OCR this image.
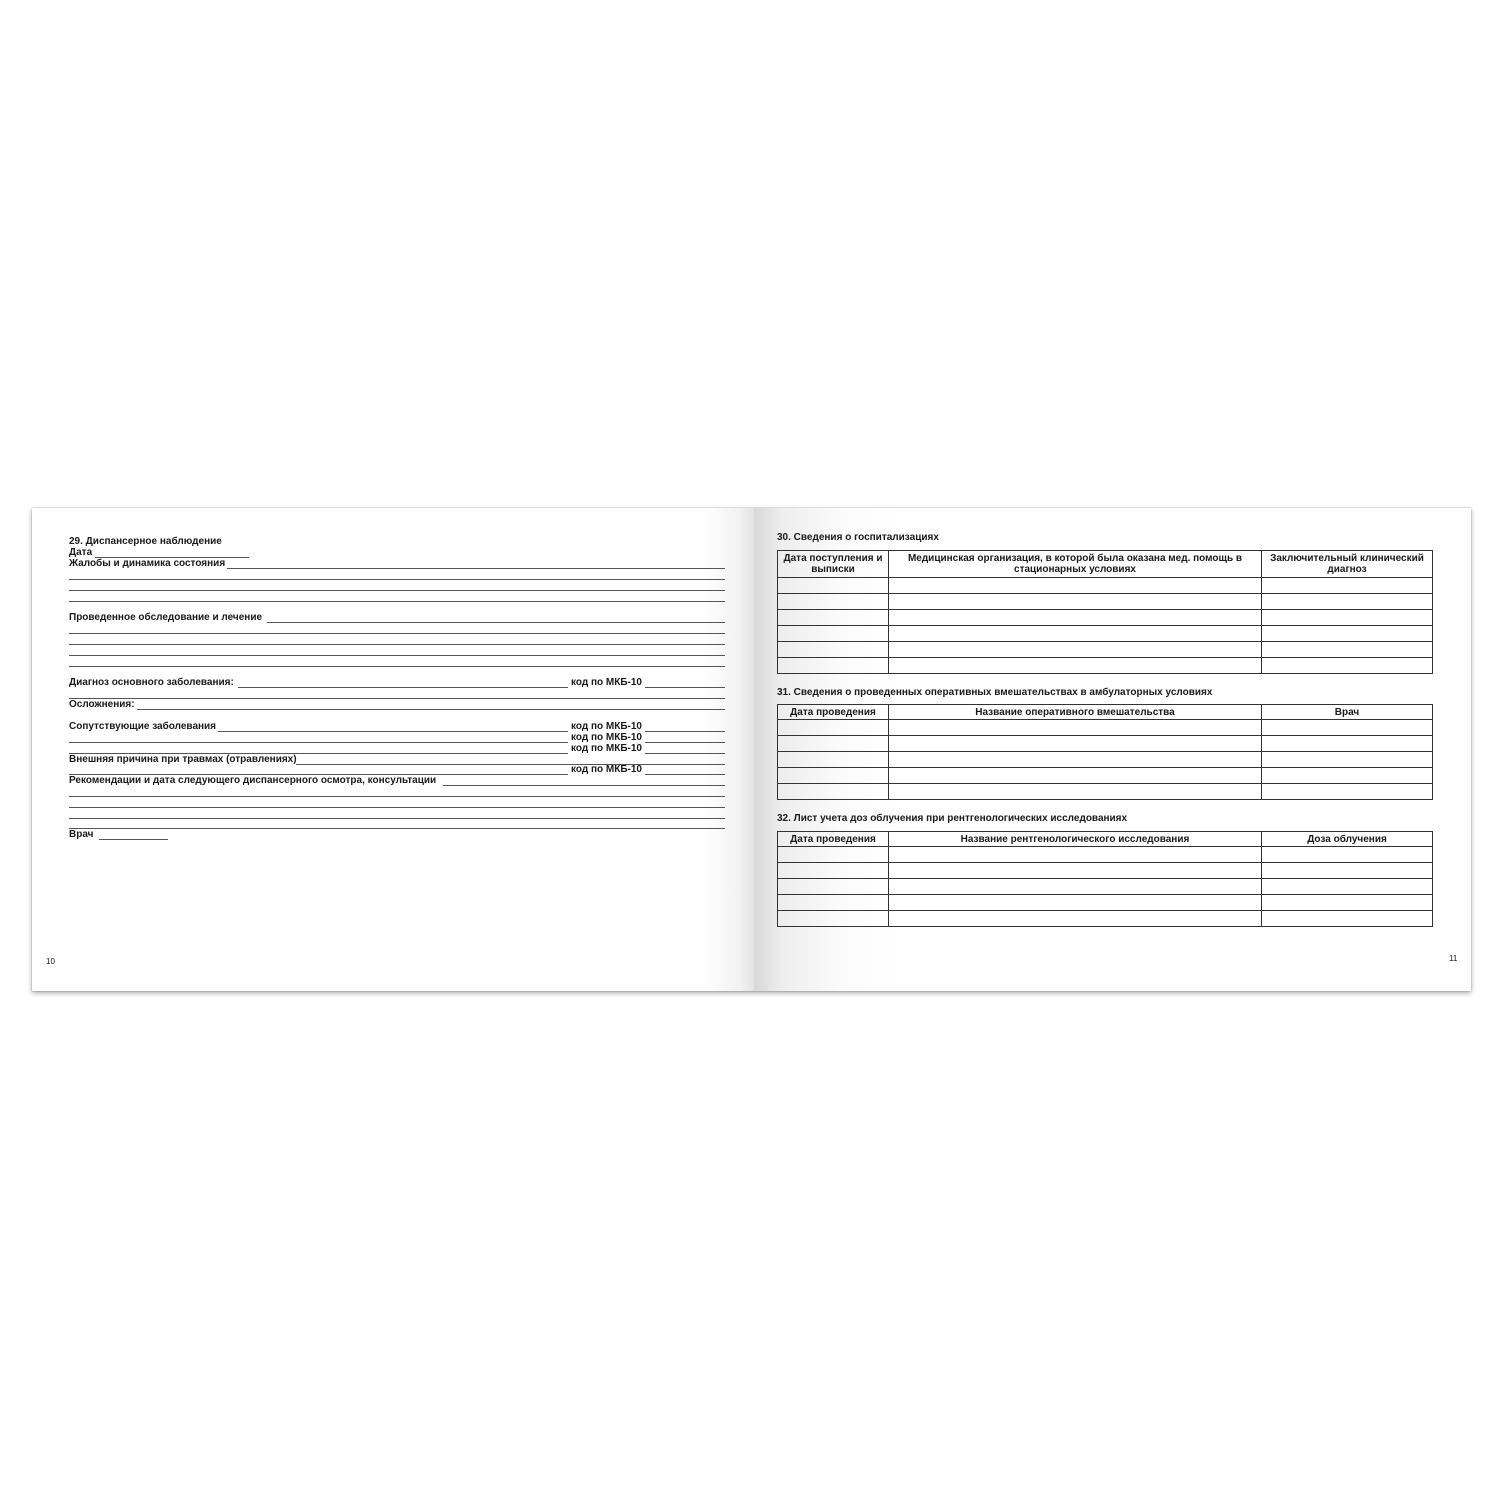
29. Диспансерное наблюдение
Дата
Жалобы и динамика состояния
Проведенное обследование и лечение
Диагноз основного заболевания:	код по МКБ-10
Осложнения:
Сопутствующие заболевания	код по МКБ-10
код по МКБ-10
код по МКБ-10
Внешняя причина при травмах (отравлениях)
код по МКБ-10
Рекомендации и дата следующего диспансерного осмотра, консультации
Врач
10
30. Сведения о госпитализациях
Дата поступления и выписки	Медицинская организация, в которой была оказана мед. помощь в стационарных условиях	Заключительный клинический диагноз

31. Сведения о проведенных оперативных вмешательствах в амбулаторных условиях
Дата проведения	Название оперативного вмешательства	Врач

32. Лист учета доз облучения при рентгенологических исследованиях
Дата проведения	Название рентгенологического исследования	Доза облучения

11
